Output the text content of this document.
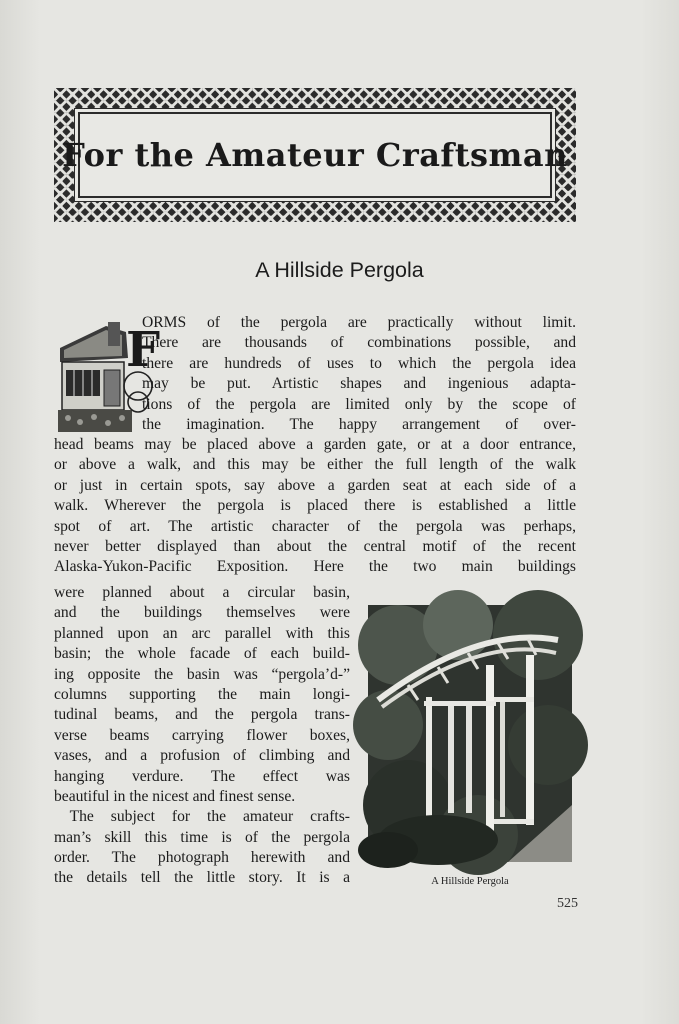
For the Amateur Craftsman
A Hillside Pergola
F
ORMS of the pergola are practically without limit.
There are thousands of combinations possible, and
there are hundreds of uses to which the pergola idea
may be put. Artistic shapes and ingenious adapta-
tions of the pergola are limited only by the scope of
the imagination. The happy arrangement of over-
head beams may be placed above a garden gate, or at a door entrance,
or above a walk, and this may be either the full length of the walk
or just in certain spots, say above a garden seat at each side of a
walk. Wherever the pergola is placed there is established a little
spot of art. The artistic character of the pergola was perhaps,
never better displayed than about the central motif of the recent
Alaska-Yukon-Pacific Exposition. Here the two main buildings
were planned about a circular basin,
and the buildings themselves were
planned upon an arc parallel with this
basin; the whole facade of each build-
ing opposite the basin was “pergola’d-”
columns supporting the main longi-
tudinal beams, and the pergola trans-
verse beams carrying flower boxes,
vases, and a profusion of climbing and
hanging verdure. The effect was
beautiful in the nicest and finest sense.
 The subject for the amateur crafts-
man’s skill this time is of the pergola
order. The photograph herewith and
the details tell the little story. It is a	A Hillside Pergola
525
